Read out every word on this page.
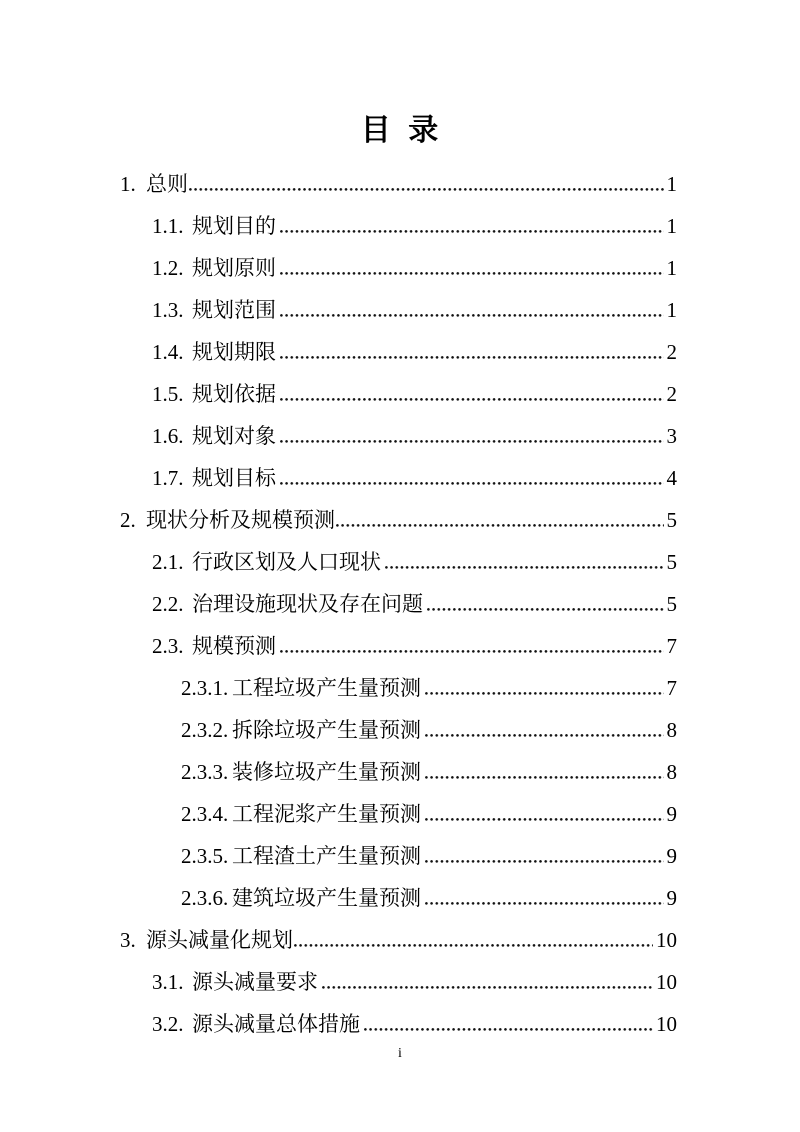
目 录
1. 总则	1
1.1. 规划目的	1
1.2. 规划原则	1
1.3. 规划范围	1
1.4. 规划期限	2
1.5. 规划依据	2
1.6. 规划对象	3
1.7. 规划目标	4
2. 现状分析及规模预测	5
2.1. 行政区划及人口现状	5
2.2. 治理设施现状及存在问题	5
2.3. 规模预测	7
2.3.1. 工程垃圾产生量预测	7
2.3.2. 拆除垃圾产生量预测	8
2.3.3. 装修垃圾产生量预测	8
2.3.4. 工程泥浆产生量预测	9
2.3.5. 工程渣土产生量预测	9
2.3.6. 建筑垃圾产生量预测	9
3. 源头减量化规划	10
3.1. 源头减量要求	10
3.2. 源头减量总体措施	10
i
